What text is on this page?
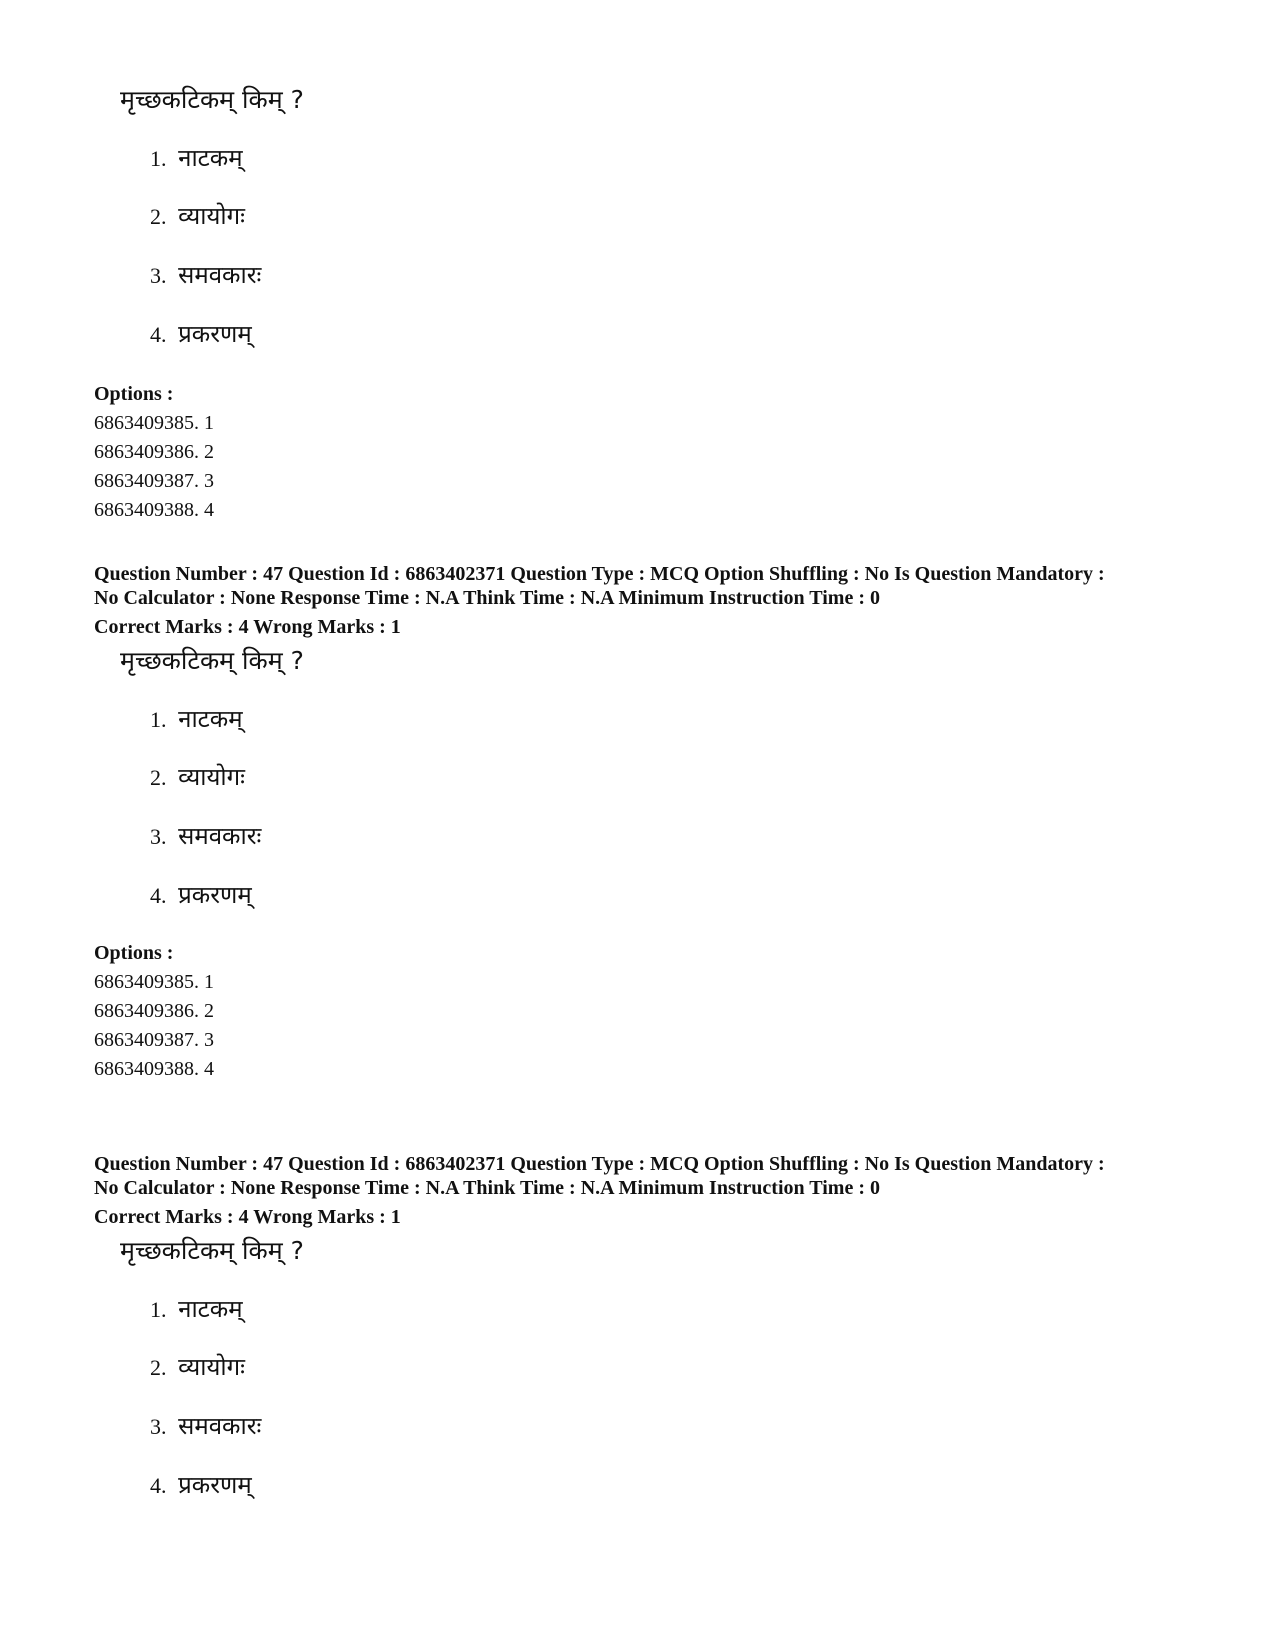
मृच्छकटिकम् किम् ?
1. नाटकम्
2. व्यायोगः
3. समवकारः
4. प्रकरणम्
Options :
6863409385. 1
6863409386. 2
6863409387. 3
6863409388. 4
Question Number : 47 Question Id : 6863402371 Question Type : MCQ Option Shuffling : No Is Question Mandatory :
No Calculator : None Response Time : N.A Think Time : N.A Minimum Instruction Time : 0
Correct Marks : 4 Wrong Marks : 1
मृच्छकटिकम् किम् ?
1. नाटकम्
2. व्यायोगः
3. समवकारः
4. प्रकरणम्
Options :
6863409385. 1
6863409386. 2
6863409387. 3
6863409388. 4
Question Number : 47 Question Id : 6863402371 Question Type : MCQ Option Shuffling : No Is Question Mandatory :
No Calculator : None Response Time : N.A Think Time : N.A Minimum Instruction Time : 0
Correct Marks : 4 Wrong Marks : 1
मृच्छकटिकम् किम् ?
1. नाटकम्
2. व्यायोगः
3. समवकारः
4. प्रकरणम्
